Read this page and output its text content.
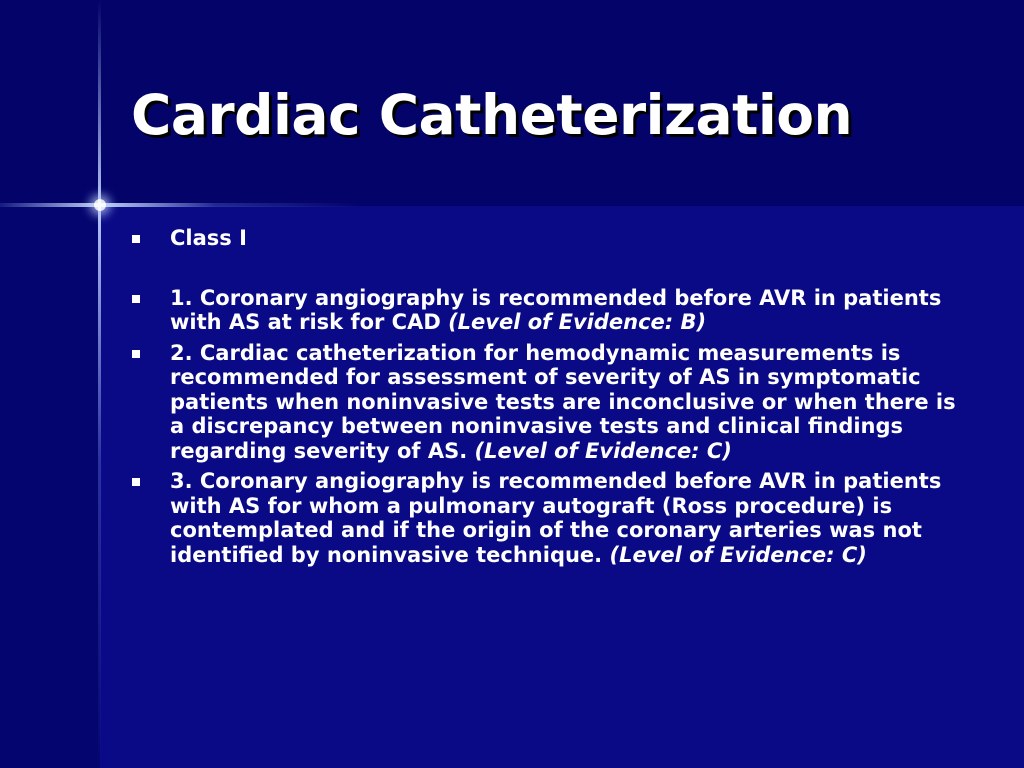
Cardiac Catheterization
Class I
1. Coronary angiography is recommended before AVR in patients with AS at risk for CAD (Level of Evidence: B)
2. Cardiac catheterization for hemodynamic measurements is recommended for assessment of severity of AS in symptomatic patients when noninvasive tests are inconclusive or when there is a discrepancy between noninvasive tests and clinical findings regarding severity of AS. (Level of Evidence: C)
3. Coronary angiography is recommended before AVR in patients with AS for whom a pulmonary autograft (Ross procedure) is contemplated and if the origin of the coronary arteries was not identified by noninvasive technique. (Level of Evidence: C)
